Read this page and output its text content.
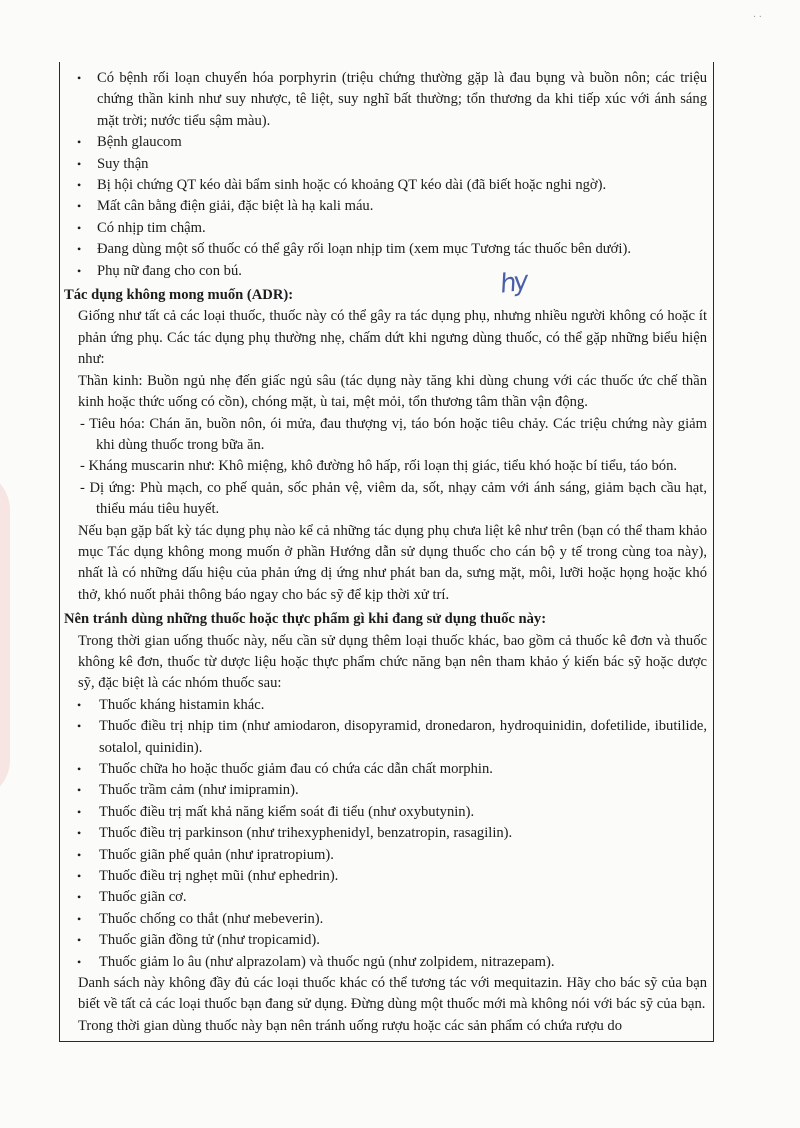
· ·
• Có bệnh rối loạn chuyển hóa porphyrin (triệu chứng thường gặp là đau bụng và buồn nôn; các triệu chứng thần kinh như suy nhược, tê liệt, suy nghĩ bất thường; tổn thương da khi tiếp xúc với ánh sáng mặt trời; nước tiểu sậm màu).
• Bệnh glaucom
• Suy thận
• Bị hội chứng QT kéo dài bẩm sinh hoặc có khoảng QT kéo dài (đã biết hoặc nghi ngờ).
• Mất cân bằng điện giải, đặc biệt là hạ kali máu.
• Có nhịp tim chậm.
• Đang dùng một số thuốc có thể gây rối loạn nhịp tim (xem mục Tương tác thuốc bên dưới).
• Phụ nữ đang cho con bú.
Tác dụng không mong muốn (ADR):

Giống như tất cả các loại thuốc, thuốc này có thể gây ra tác dụng phụ, nhưng nhiều người không có hoặc ít phản ứng phụ. Các tác dụng phụ thường nhẹ, chấm dứt khi ngưng dùng thuốc, có thể gặp những biểu hiện như:

Thần kinh: Buồn ngủ nhẹ đến giấc ngủ sâu (tác dụng này tăng khi dùng chung với các thuốc ức chế thần kinh hoặc thức uống có cồn), chóng mặt, ù tai, mệt mỏi, tổn thương tâm thần vận động.

- Tiêu hóa: Chán ăn, buồn nôn, ói mửa, đau thượng vị, táo bón hoặc tiêu chảy. Các triệu chứng này giảm khi dùng thuốc trong bữa ăn.

- Kháng muscarin như: Khô miệng, khô đường hô hấp, rối loạn thị giác, tiểu khó hoặc bí tiểu, táo bón.

- Dị ứng: Phù mạch, co phế quản, sốc phản vệ, viêm da, sốt, nhạy cảm với ánh sáng, giảm bạch cầu hạt, thiểu máu tiêu huyết.

Nếu bạn gặp bất kỳ tác dụng phụ nào kể cả những tác dụng phụ chưa liệt kê như trên (bạn có thể tham khảo mục Tác dụng không mong muốn ở phần Hướng dẫn sử dụng thuốc cho cán bộ y tế trong cùng toa này), nhất là có những dấu hiệu của phản ứng dị ứng như phát ban da, sưng mặt, môi, lưỡi hoặc họng hoặc khó thở, khó nuốt phải thông báo ngay cho bác sỹ để kịp thời xử trí.

Nên tránh dùng những thuốc hoặc thực phẩm gì khi đang sử dụng thuốc này:

Trong thời gian uống thuốc này, nếu cần sử dụng thêm loại thuốc khác, bao gồm cả thuốc kê đơn và thuốc không kê đơn, thuốc từ dược liệu hoặc thực phẩm chức năng bạn nên tham khảo ý kiến bác sỹ hoặc dược sỹ, đặc biệt là các nhóm thuốc sau:

• Thuốc kháng histamin khác.
• Thuốc điều trị nhịp tim (như amiodaron, disopyramid, dronedaron, hydroquinidin, dofetilide, ibutilide, sotalol, quinidin).
• Thuốc chữa ho hoặc thuốc giảm đau có chứa các dẫn chất morphin.
• Thuốc trầm cảm (như imipramin).
• Thuốc điều trị mất khả năng kiểm soát đi tiểu (như oxybutynin).
• Thuốc điều trị parkinson (như trihexyphenidyl, benzatropin, rasagilin).
• Thuốc giãn phế quản (như ipratropium).
• Thuốc điều trị nghẹt mũi (như ephedrin).
• Thuốc giãn cơ.
• Thuốc chống co thắt (như mebeverin).
• Thuốc giãn đồng tử (như tropicamid).
• Thuốc giảm lo âu (như alprazolam) và thuốc ngủ (như zolpidem, nitrazepam).

Danh sách này không đầy đủ các loại thuốc khác có thể tương tác với mequitazin. Hãy cho bác sỹ của bạn biết về tất cả các loại thuốc bạn đang sử dụng. Đừng dùng một thuốc mới mà không nói với bác sỹ của bạn.

Trong thời gian dùng thuốc này bạn nên tránh uống rượu hoặc các sản phẩm có chứa rượu do

hy
